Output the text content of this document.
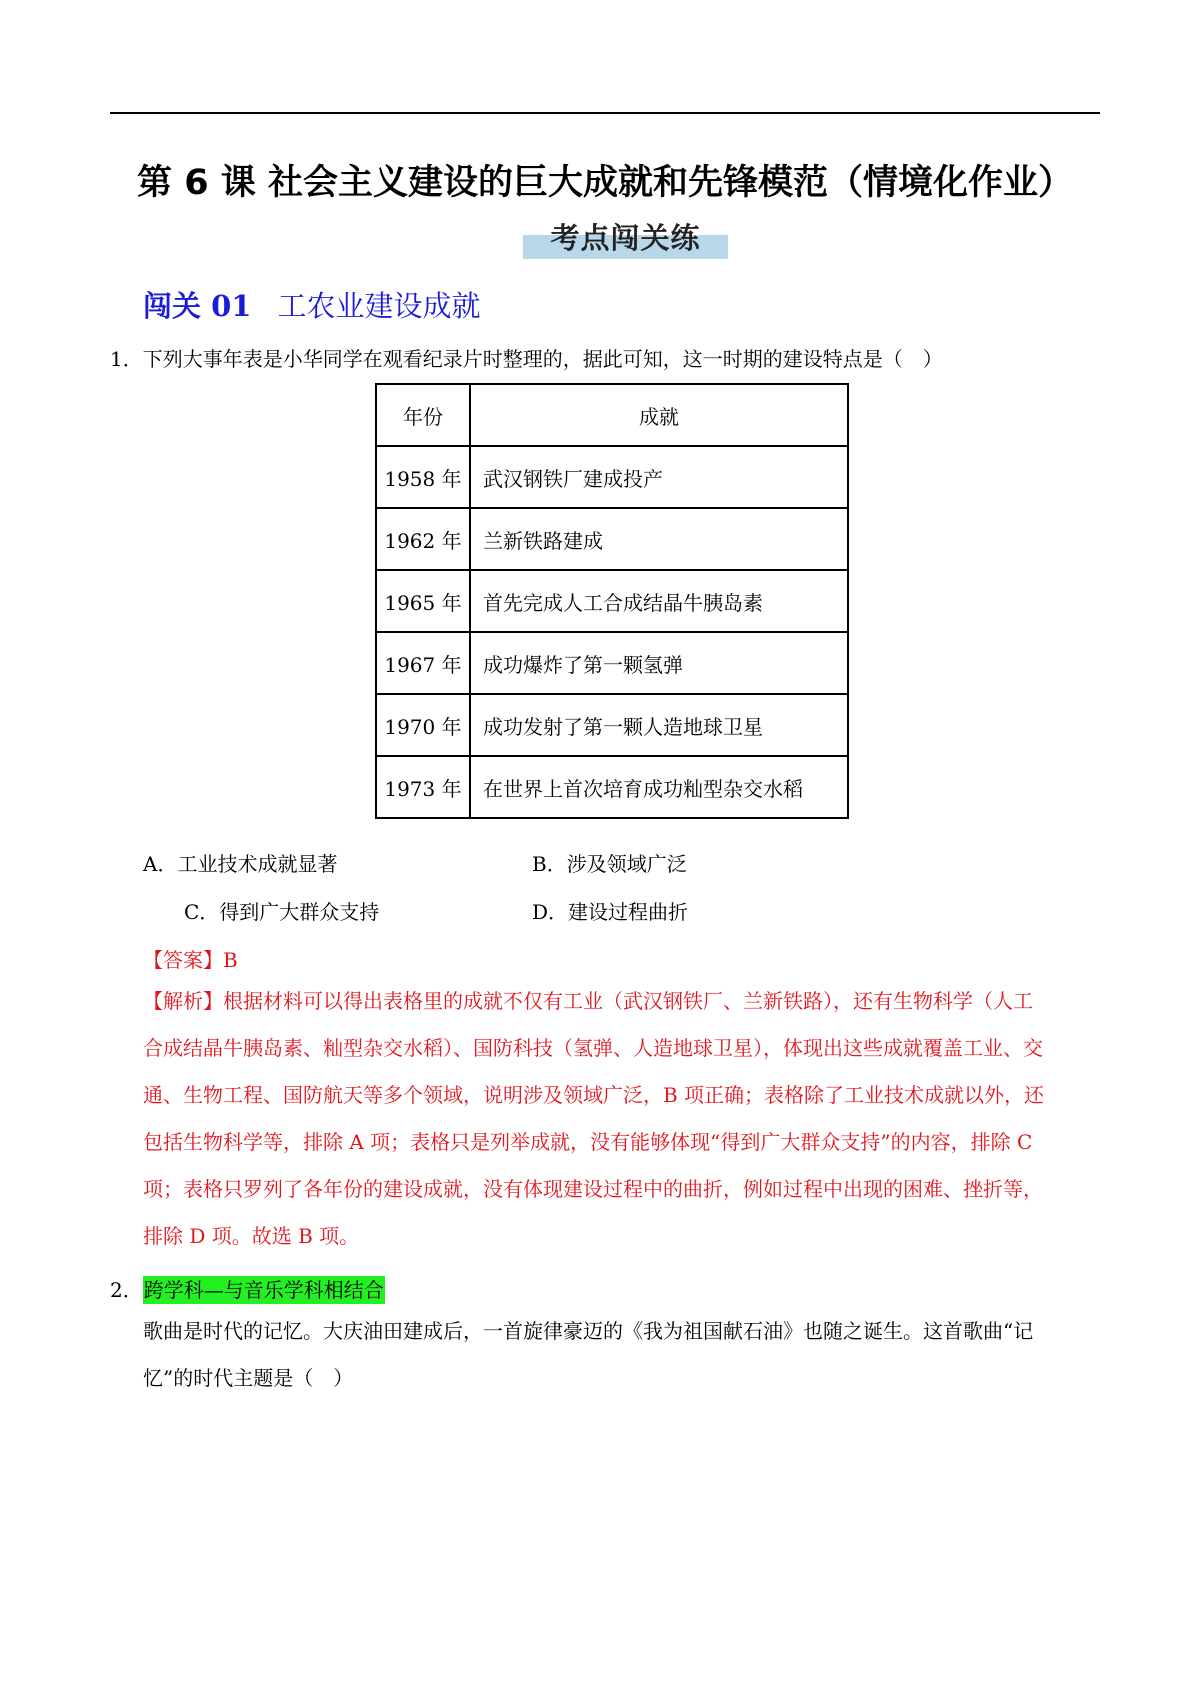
第 6 课 社会主义建设的巨大成就和先锋模范（情境化作业）
考点闯关练
闯关 01 工农业建设成就
1．下列大事年表是小华同学在观看纪录片时整理的，据此可知，这一时期的建设特点是（　）
年份	成就
1958 年	武汉钢铁厂建成投产
1962 年	兰新铁路建成
1965 年	首先完成人工合成结晶牛胰岛素
1967 年	成功爆炸了第一颗氢弹
1970 年	成功发射了第一颗人造地球卫星
1973 年	在世界上首次培育成功籼型杂交水稻
A．工业技术成就显著	B．涉及领域广泛
C．得到广大群众支持	D．建设过程曲折
【答案】B
【解析】根据材料可以得出表格里的成就不仅有工业（武汉钢铁厂、兰新铁路），还有生物科学（人工
合成结晶牛胰岛素、籼型杂交水稻）、国防科技（氢弹、人造地球卫星），体现出这些成就覆盖工业、交
通、生物工程、国防航天等多个领域，说明涉及领域广泛，B 项正确；表格除了工业技术成就以外，还
包括生物科学等，排除 A 项；表格只是列举成就，没有能够体现“得到广大群众支持”的内容，排除 C
项；表格只罗列了各年份的建设成就，没有体现建设过程中的曲折，例如过程中出现的困难、挫折等，
排除 D 项。故选 B 项。
2．跨学科—与音乐学科相结合
歌曲是时代的记忆。大庆油田建成后，一首旋律豪迈的《我为祖国献石油》也随之诞生。这首歌曲“记
忆”的时代主题是（　）
